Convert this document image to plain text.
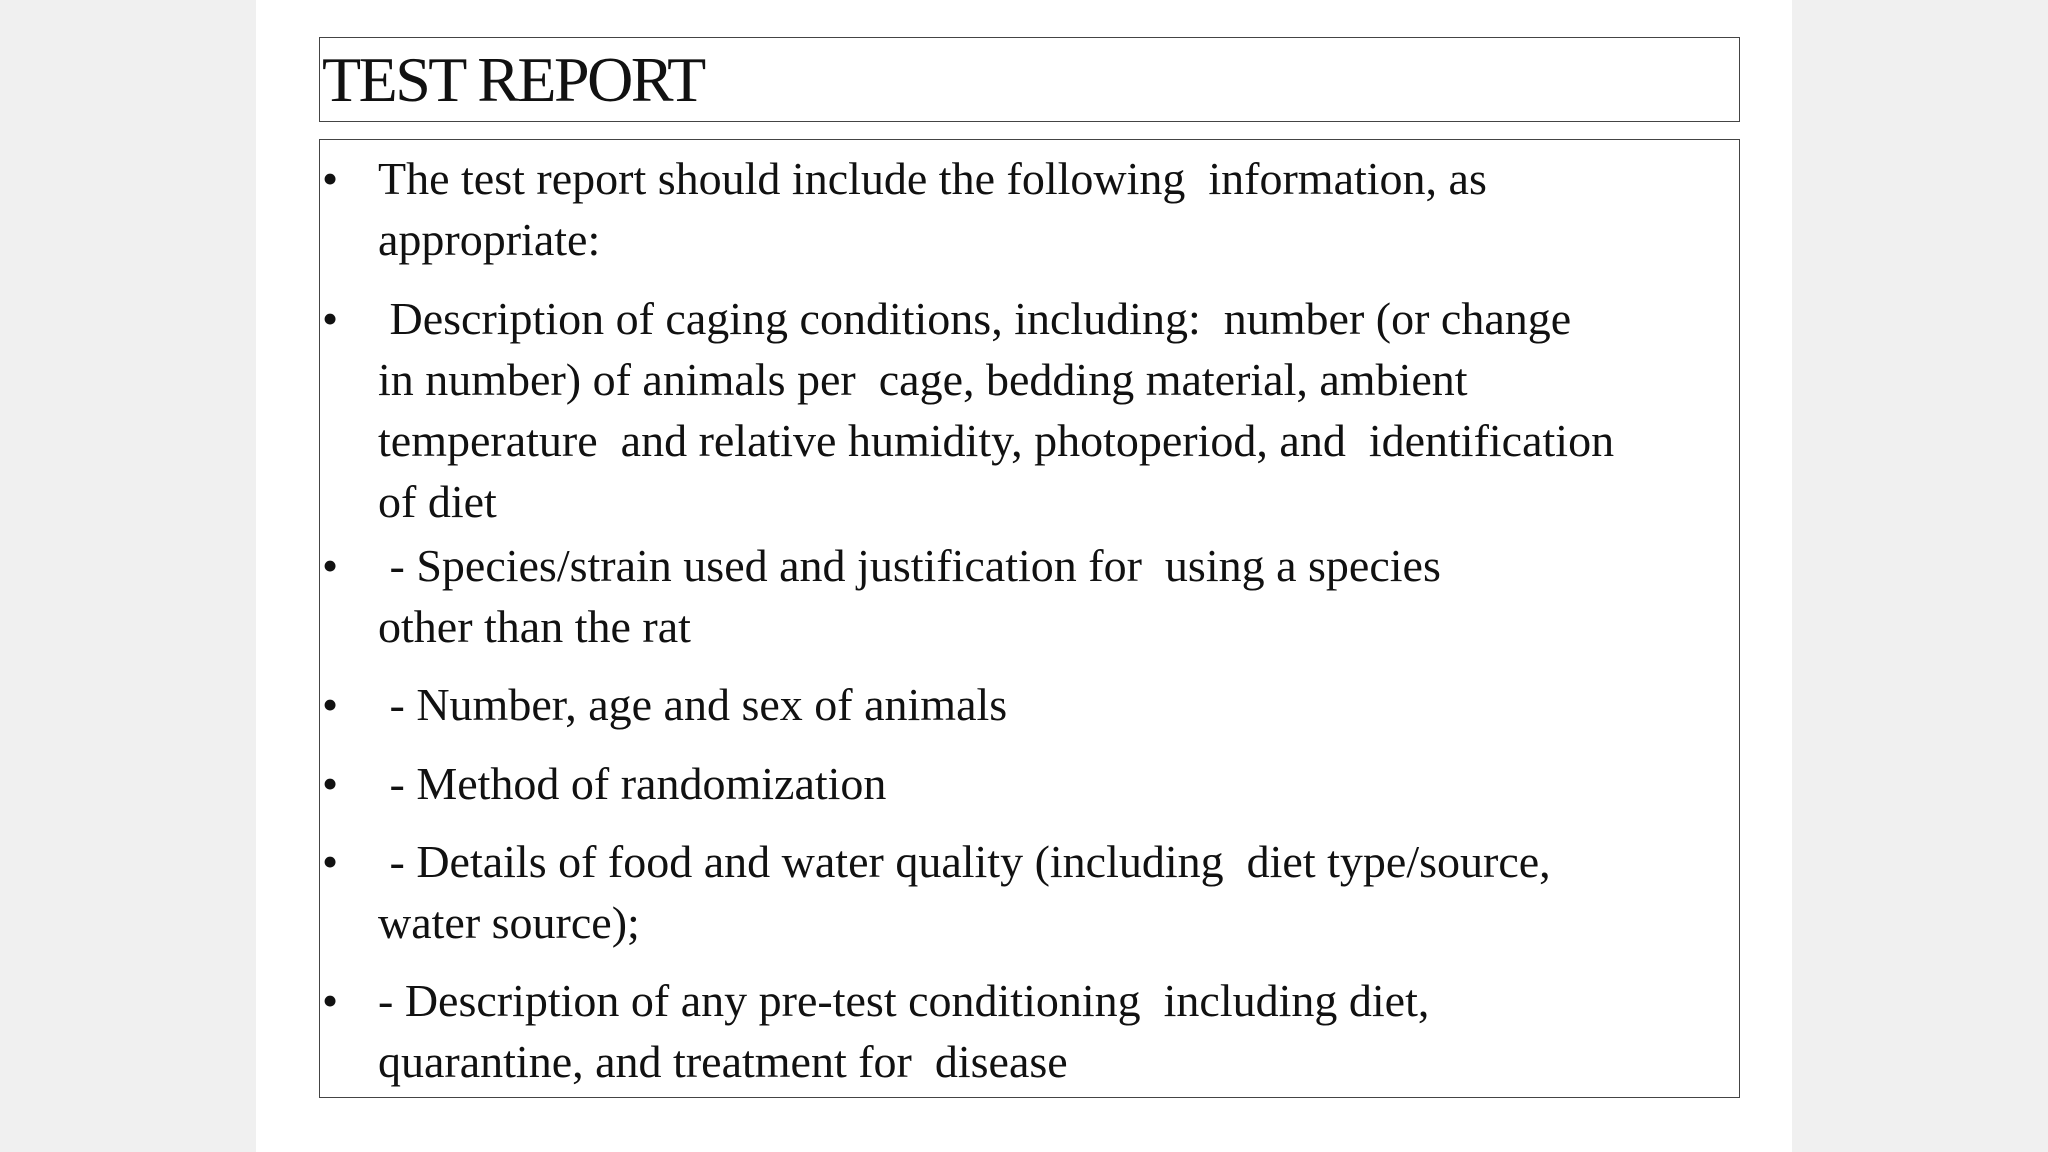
TEST REPORT
• The test report should include the following  information, as
appropriate:
• Description of caging conditions, including:  number (or change
in number) of animals per  cage, bedding material, ambient
temperature  and relative humidity, photoperiod, and  identification
of diet
• - Species/strain used and justification for  using a species
other than the rat
• - Number, age and sex of animals
• - Method of randomization
• - Details of food and water quality (including  diet type/source,
water source);
• - Description of any pre-test conditioning  including diet,
quarantine, and treatment for  disease
